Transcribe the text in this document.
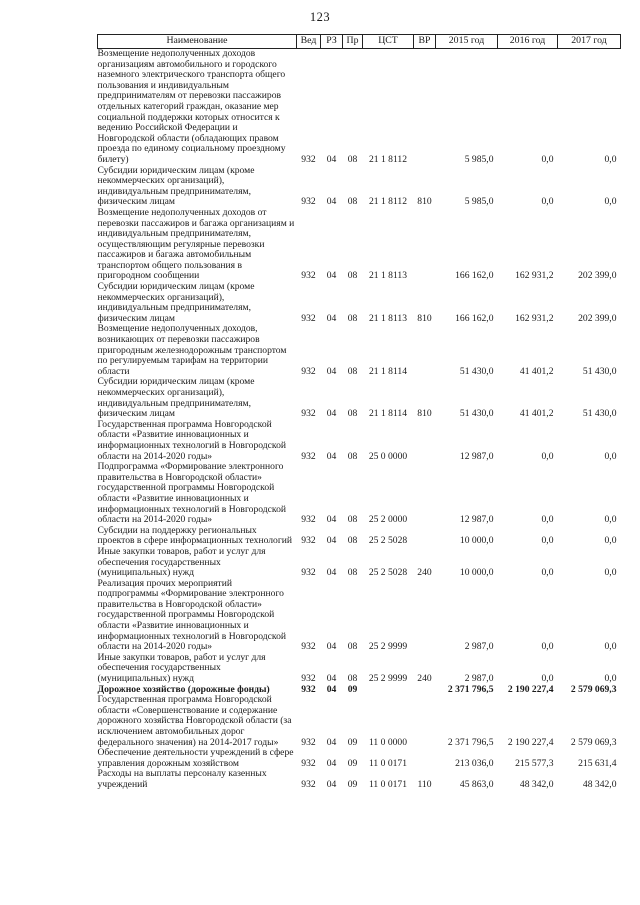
123
Наименование	Вед	РЗ	Пр	ЦСТ	ВР	2015 год	2016 год	2017 год
Возмещение недополученных доходов организациям автомобильного и городского наземного электрического транспорта общего пользования и индивидуальным предпринимателям от перевозки пассажиров отдельных категорий граждан, оказание мер социальной поддержки которых относится к ведению Российской Федерации и Новгородской области (обладающих правом проезда по единому социальному проездному билету)	932	04	08	21 1 8112		5 985,0	0,0	0,0
Субсидии юридическим лицам (кроме некоммерческих организаций), индивидуальным предпринимателям, физическим лицам	932	04	08	21 1 8112	810	5 985,0	0,0	0,0
Возмещение недополученных доходов от перевозки пассажиров и багажа организациям и индивидуальным предпринимателям, осуществляющим регулярные перевозки пассажиров и багажа автомобильным транспортом общего пользования в пригородном сообщении	932	04	08	21 1 8113		166 162,0	162 931,2	202 399,0
Субсидии юридическим лицам (кроме некоммерческих организаций), индивидуальным предпринимателям, физическим лицам	932	04	08	21 1 8113	810	166 162,0	162 931,2	202 399,0
Возмещение недополученных доходов, возникающих от перевозки пассажиров пригородным железнодорожным транспортом по регулируемым тарифам на территории области	932	04	08	21 1 8114		51 430,0	41 401,2	51 430,0
Субсидии юридическим лицам (кроме некоммерческих организаций), индивидуальным предпринимателям, физическим лицам	932	04	08	21 1 8114	810	51 430,0	41 401,2	51 430,0
Государственная программа Новгородской области «Развитие инновационных и информационных технологий в Новгородской области на 2014-2020 годы»	932	04	08	25 0 0000		12 987,0	0,0	0,0
Подпрограмма «Формирование электронного правительства в Новгородской области» государственной программы Новгородской области «Развитие инновационных и информационных технологий в Новгородской области на 2014-2020 годы»	932	04	08	25 2 0000		12 987,0	0,0	0,0
Субсидии на поддержку региональных проектов в сфере информационных технологий	932	04	08	25 2 5028		10 000,0	0,0	0,0
Иные закупки товаров, работ и услуг для обеспечения государственных (муниципальных) нужд	932	04	08	25 2 5028	240	10 000,0	0,0	0,0
Реализация прочих мероприятий подпрограммы «Формирование электронного правительства в Новгородской области» государственной программы Новгородской области «Развитие инновационных и информационных технологий в Новгородской области на 2014-2020 годы»	932	04	08	25 2 9999		2 987,0	0,0	0,0
Иные закупки товаров, работ и услуг для обеспечения государственных (муниципальных) нужд	932	04	08	25 2 9999	240	2 987,0	0,0	0,0
Дорожное хозяйство (дорожные фонды)	932	04	09			2 371 796,5	2 190 227,4	2 579 069,3
Государственная программа Новгородской области «Совершенствование и содержание дорожного хозяйства Новгородской области (за исключением автомобильных дорог федерального значения) на 2014-2017 годы»	932	04	09	11 0 0000		2 371 796,5	2 190 227,4	2 579 069,3
Обеспечение деятельности учреждений в сфере управления дорожным хозяйством	932	04	09	11 0 0171		213 036,0	215 577,3	215 631,4
Расходы на выплаты персоналу казенных учреждений	932	04	09	11 0 0171	110	45 863,0	48 342,0	48 342,0
